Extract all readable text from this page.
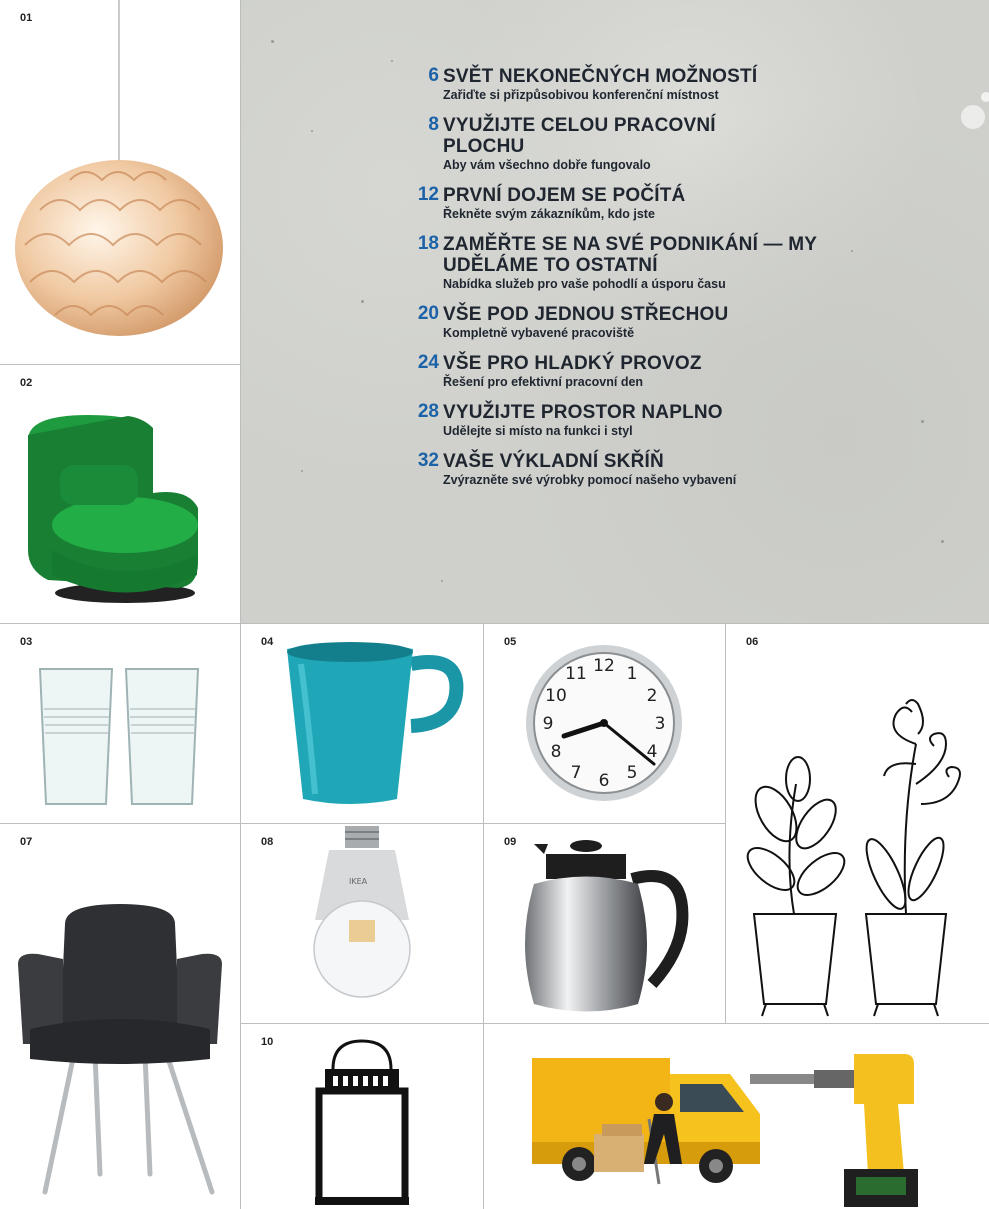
01
02
6 SVĚT NEKONEČNÝCH MOŽNOSTÍ
Zařiďte si přizpůsobivou konferenční místnost
8 VYUŽIJTE CELOU PRACOVNÍ PLOCHU
Aby vám všechno dobře fungovalo
12 PRVNÍ DOJEM SE POČÍTÁ
Řekněte svým zákazníkům, kdo jste
18 ZAMĚŘTE SE NA SVÉ PODNIKÁNÍ — MY UDĚLÁME TO OSTATNÍ
Nabídka služeb pro vaše pohodlí a úsporu času
20 VŠE POD JEDNOU STŘECHOU
Kompletně vybavené pracoviště
24 VŠE PRO HLADKÝ PROVOZ
Řešení pro efektivní pracovní den
28 VYUŽIJTE PROSTOR NAPLNO
Udělejte si místo na funkci i styl
32 VAŠE VÝKLADNÍ SKŘÍŇ
Zvýrazněte své výrobky pomocí našeho vybavení
03	04	05
12 1
2
3
4
5
6
7
8
9
10
11
06
07	08
IKEA
09
10
